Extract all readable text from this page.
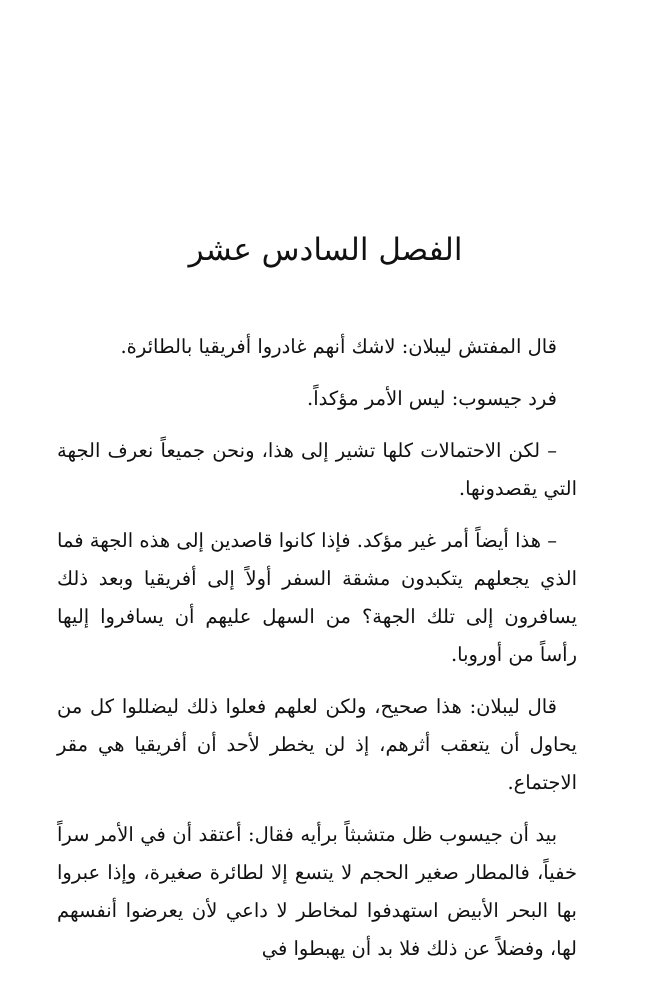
الفصل السادس عشر

قال المفتش ليبلان: لاشك أنهم غادروا أفريقيا بالطائرة.

فرد جيسوب: ليس الأمر مؤكداً.

– لكن الاحتمالات كلها تشير إلى هذا، ونحن جميعاً نعرف الجهة التي يقصدونها.

– هذا أيضاً أمر غير مؤكد. فإذا كانوا قاصدين إلى هذه الجهة فما الذي يجعلهم يتكبدون مشقة السفر أولاً إلى أفريقيا وبعد ذلك يسافرون إلى تلك الجهة؟ من السهل عليهم أن يسافروا إليها رأساً من أوروبا.

قال ليبلان: هذا صحيح، ولكن لعلهم فعلوا ذلك ليضللوا كل من يحاول أن يتعقب أثرهم، إذ لن يخطر لأحد أن أفريقيا هي مقر الاجتماع.

بيد أن جيسوب ظل متشبثاً برأيه فقال: أعتقد أن في الأمر سراً خفياً، فالمطار صغير الحجم لا يتسع إلا لطائرة صغيرة، وإذا عبروا بها البحر الأبيض استهدفوا لمخاطر لا داعي لأن يعرضوا أنفسهم لها، وفضلاً عن ذلك فلا بد أن يهبطوا في
